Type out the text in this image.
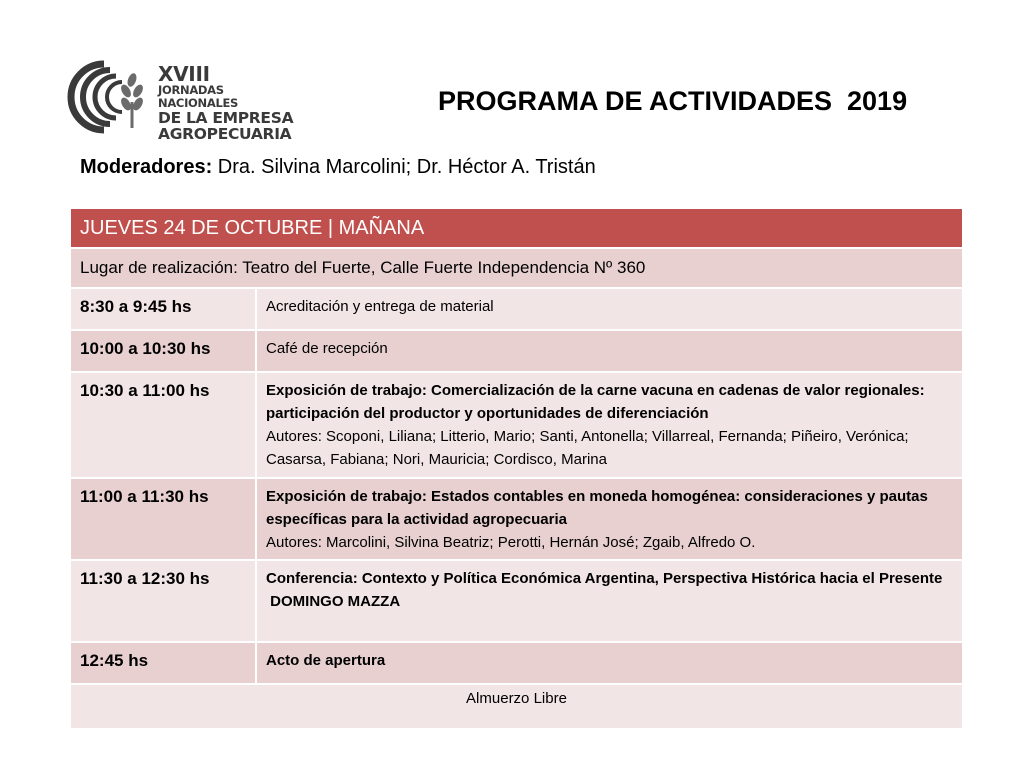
XVIII
JORNADAS NACIONALES
DE LA EMPRESA
AGROPECUARIA
PROGRAMA DE ACTIVIDADES  2019
Moderadores: Dra. Silvina Marcolini; Dr. Héctor A. Tristán
JUEVES 24 DE OCTUBRE | MAÑANA	
Lugar de realización: Teatro del Fuerte, Calle Fuerte Independencia Nº 360	
8:30 a 9:45 hs	Acreditación y entrega de material
10:00 a 10:30 hs	Café de recepción
10:30 a 11:00 hs	Exposición de trabajo: Comercialización de la carne vacuna en cadenas de valor regionales: participación del productor y oportunidades de diferenciación
Autores: Scoponi, Liliana; Litterio, Mario; Santi, Antonella; Villarreal, Fernanda; Piñeiro, Verónica; Casarsa, Fabiana; Nori, Mauricia; Cordisco, Marina

11:00 a 11:30 hs	Exposición de trabajo: Estados contables en moneda homogénea: consideraciones y pautas específicas para la actividad agropecuaria
Autores: Marcolini, Silvina Beatriz; Perotti, Hernán José; Zgaib, Alfredo O.

11:30 a 12:30 hs	Conferencia: Contexto y Política Económica Argentina, Perspectiva Histórica hacia el Presente
DOMINGO MAZZA

12:45 hs	Acto de apertura

Almuerzo Libre	
